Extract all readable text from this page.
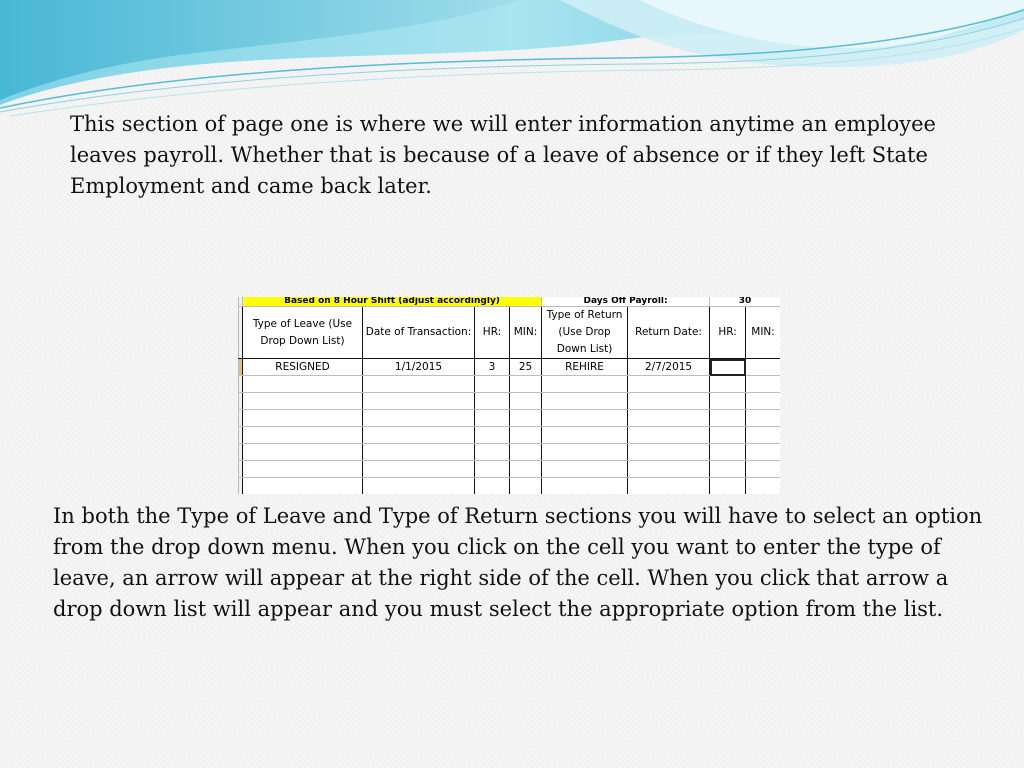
This section of page one is where we will enter information anytime an employee leaves payroll. Whether that is because of a leave of absence or if they left State Employment and came back later.

	Based on 8 Hour Shift (adjust accordingly)				Days Off Payroll:		30	
	Type of Leave (Use Drop Down List)	Date of Transaction:	HR:	MIN:	Type of Return (Use Drop Down List)	Return Date:	HR:	MIN:
	RESIGNED	1/1/2015	3	25	REHIRE	2/7/2015		

In both the Type of Leave and Type of Return sections you will have to select an option from the drop down menu. When you click on the cell you want to enter the type of leave, an arrow will appear at the right side of the cell. When you click that arrow a drop down list will appear and you must select the appropriate option from the list.
